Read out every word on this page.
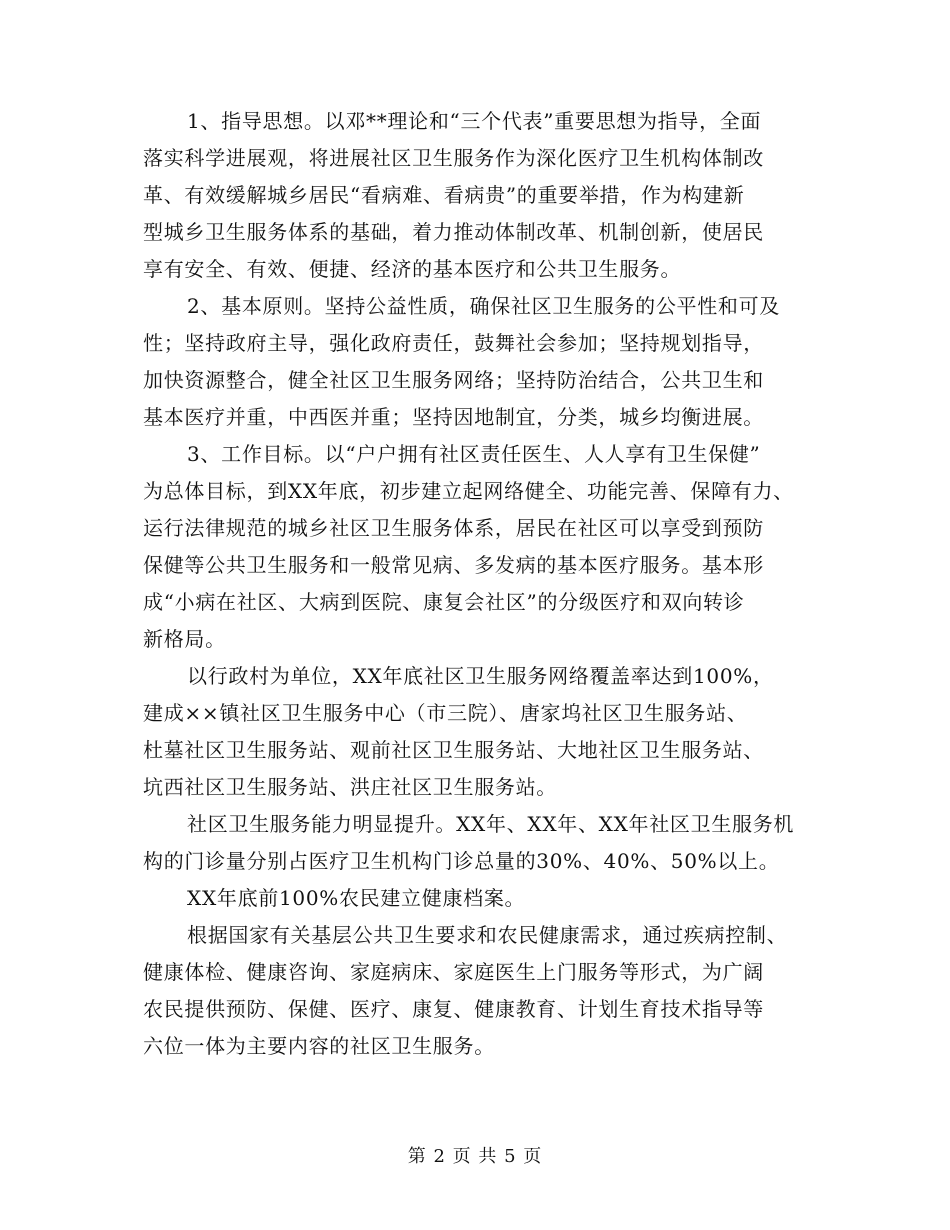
1、指导思想。以邓**理论和“三个代表”重要思想为指导，全面
落实科学进展观，将进展社区卫生服务作为深化医疗卫生机构体制改
革、有效缓解城乡居民“看病难、看病贵”的重要举措，作为构建新
型城乡卫生服务体系的基础，着力推动体制改革、机制创新，使居民
享有安全、有效、便捷、经济的基本医疗和公共卫生服务。
2、基本原则。坚持公益性质，确保社区卫生服务的公平性和可及
性；坚持政府主导，强化政府责任，鼓舞社会参加；坚持规划指导，
加快资源整合，健全社区卫生服务网络；坚持防治结合，公共卫生和
基本医疗并重，中西医并重；坚持因地制宜，分类，城乡均衡进展。
3、工作目标。以“户户拥有社区责任医生、人人享有卫生保健”
为总体目标，到XX年底，初步建立起网络健全、功能完善、保障有力、
运行法律规范的城乡社区卫生服务体系，居民在社区可以享受到预防
保健等公共卫生服务和一般常见病、多发病的基本医疗服务。基本形
成“小病在社区、大病到医院、康复会社区”的分级医疗和双向转诊
新格局。
以行政村为单位，XX年底社区卫生服务网络覆盖率达到100%，
建成××镇社区卫生服务中心（市三院）、唐家坞社区卫生服务站、
杜墓社区卫生服务站、观前社区卫生服务站、大地社区卫生服务站、
坑西社区卫生服务站、洪庄社区卫生服务站。
社区卫生服务能力明显提升。XX年、XX年、XX年社区卫生服务机
构的门诊量分别占医疗卫生机构门诊总量的30%、40%、50%以上。
XX年底前100%农民建立健康档案。
根据国家有关基层公共卫生要求和农民健康需求，通过疾病控制、
健康体检、健康咨询、家庭病床、家庭医生上门服务等形式，为广阔
农民提供预防、保健、医疗、康复、健康教育、计划生育技术指导等
六位一体为主要内容的社区卫生服务。
第 2 页 共 5 页
